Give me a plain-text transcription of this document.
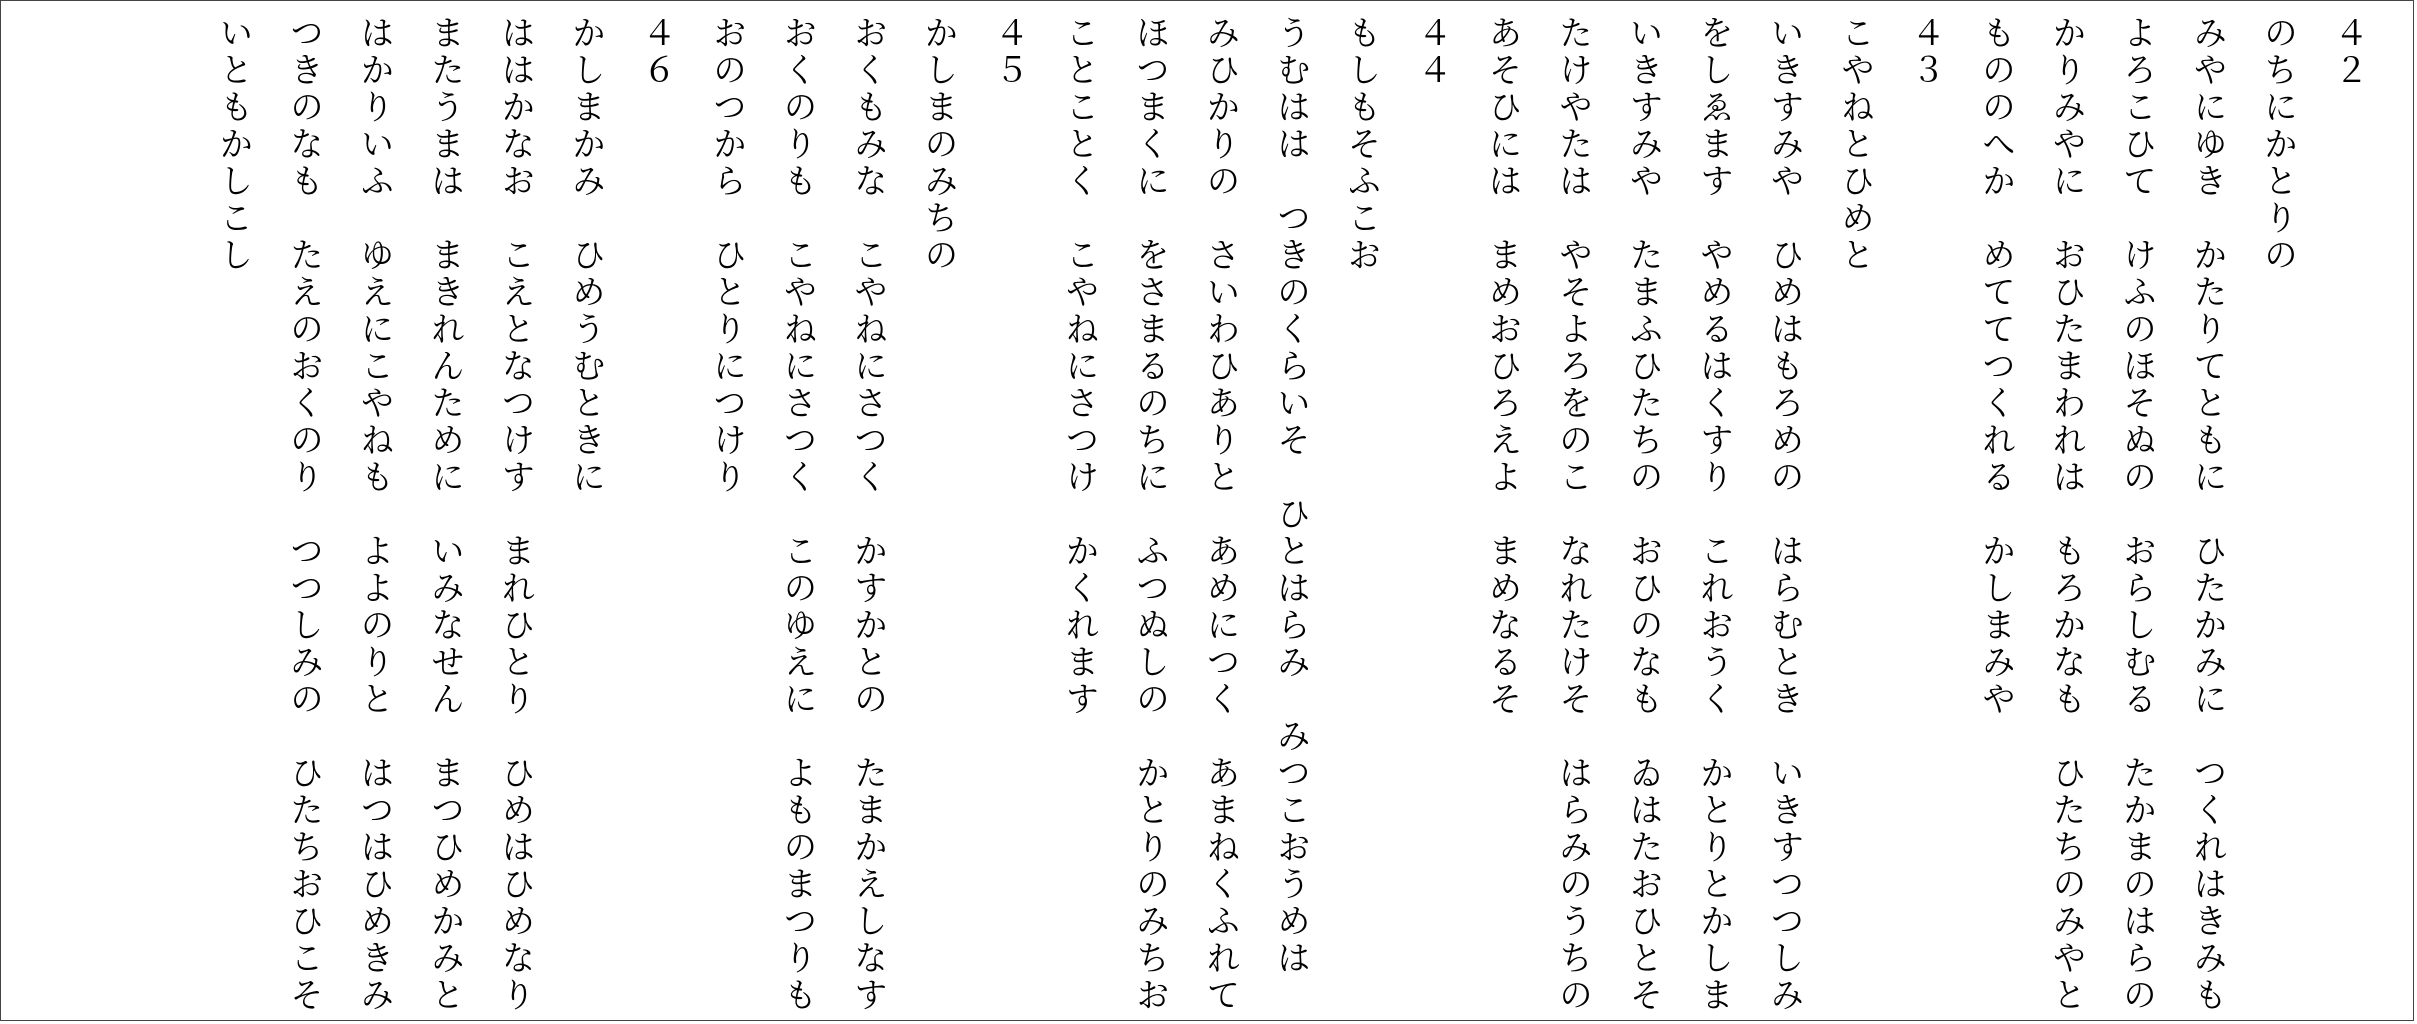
４２
のちにかとりの
みやにゆき　かたりてともに　ひたかみに　つくれはきみも
よろこひて　けふのほそぬの　おらしむる　たかまのはらの
かりみやに　おひたまわれは　もろかなも　ひたちのみやと
もののへか　めててつくれる　かしまみや
４３
こやねとひめと
いきすみや　ひめはもろめの　はらむとき　いきすつつしみ
をしゑます　やめるはくすり　これおうく　かとりとかしま
いきすみや　たまふひたちの　おひのなも　ゐはたおひとそ
たけやたは　やそよろをのこ　なれたけそ　はらみのうちの
あそひには　まめおひろえよ　まめなるそ
４４
もしもそふこお
うむはは　つきのくらいそ　ひとはらみ　みつこおうめは
みひかりの　さいわひありと　あめにつく　あまねくふれて
ほつまくに　をさまるのちに　ふつぬしの　かとりのみちお
ことことく　こやねにさつけ　かくれます
４５
かしまのみちの
おくもみな　こやねにさつく　かすかとの　たまかえしなす
おくのりも　こやねにさつく　このゆえに　よものまつりも
おのつから　ひとりにつけり
４６
かしまかみ　ひめうむときに
ははかなお　こえとなつけす　まれひとり　ひめはひめなり
またうまは　まきれんために　いみなせん　まつひめかみと
はかりいふ　ゆえにこやねも　よよのりと　はつはひめきみ
つきのなも　たえのおくのり　つつしみの　ひたちおひこそ
いともかしこし
